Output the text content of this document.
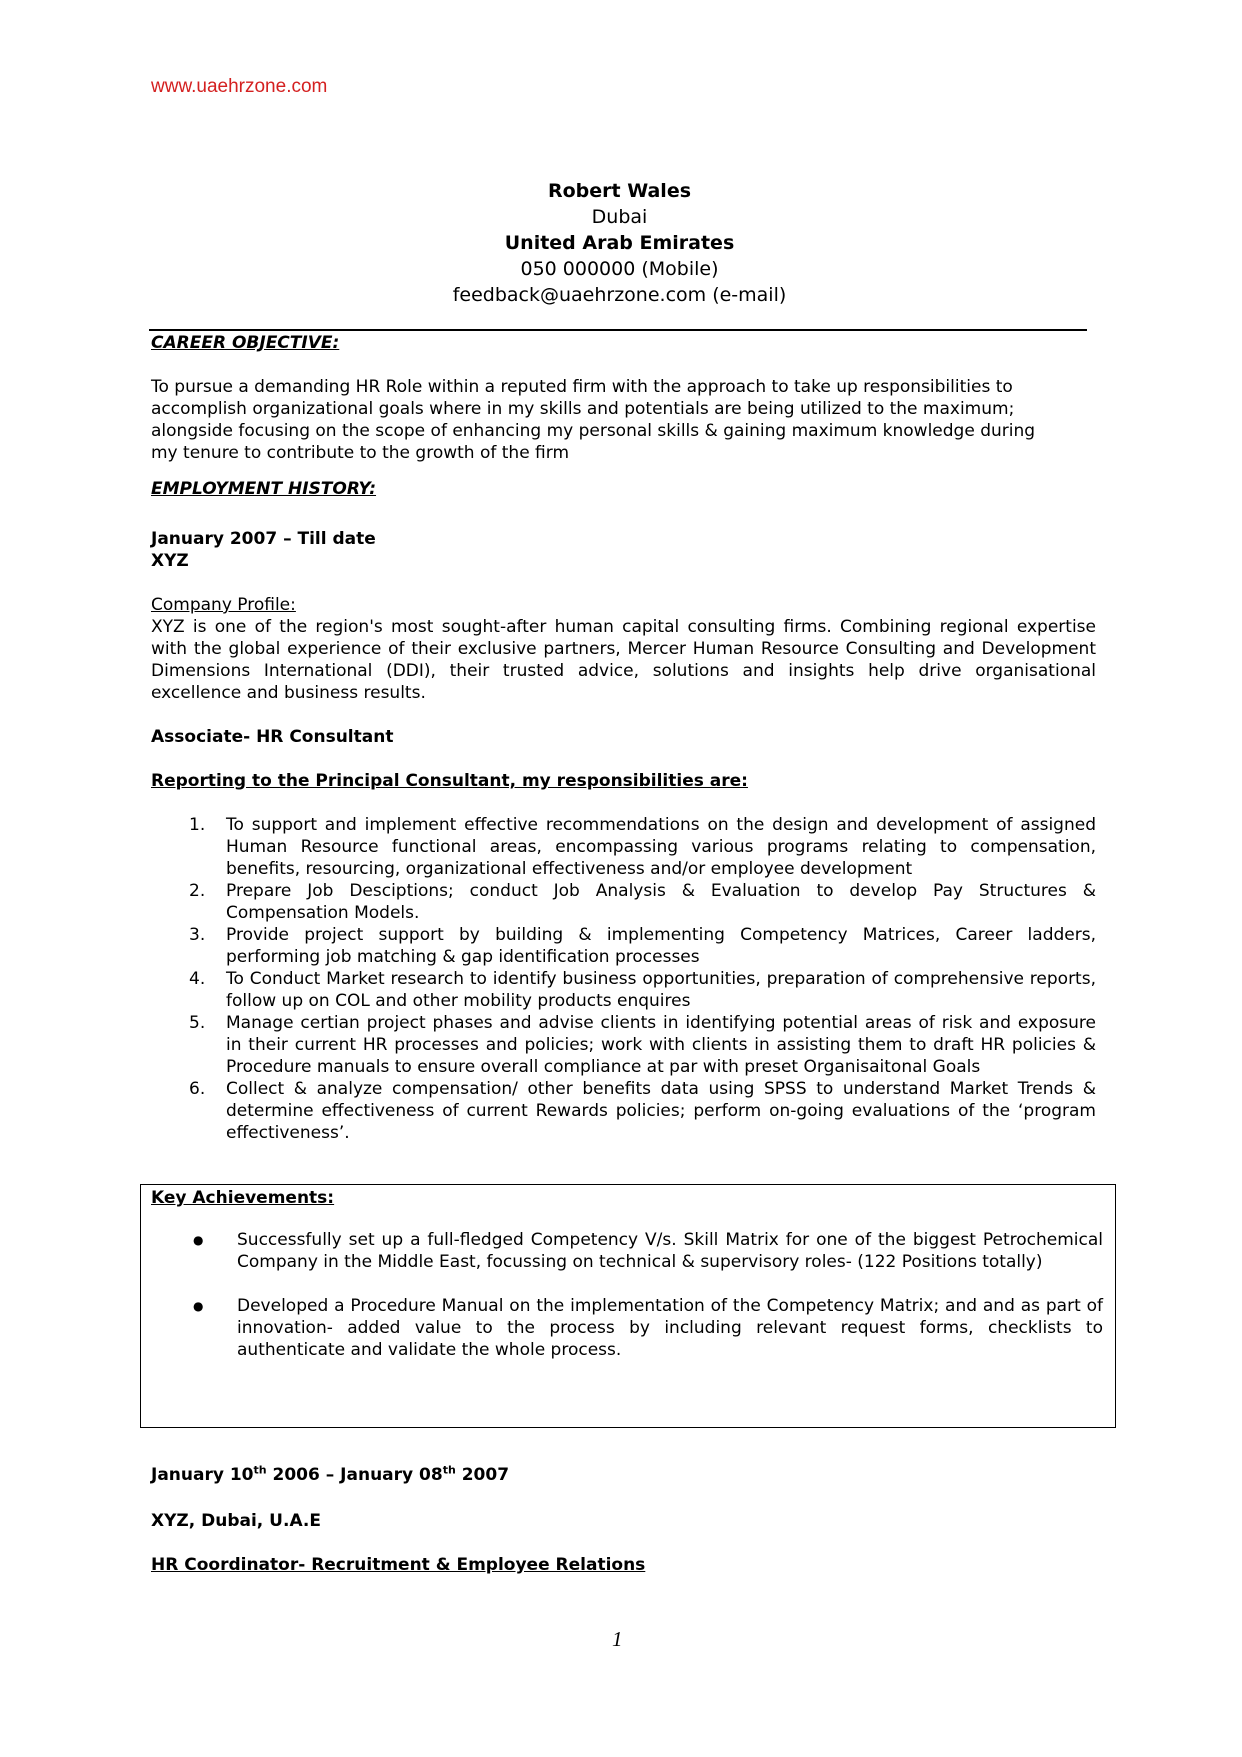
www.uaehrzone.com
Robert Wales
Dubai
United Arab Emirates
050 000000 (Mobile)
feedback@uaehrzone.com (e-mail)
CAREER OBJECTIVE:
To pursue a demanding HR Role within a reputed firm with the approach to take up responsibilities to accomplish organizational goals where in my skills and potentials are being utilized to the maximum; alongside focusing on the scope of enhancing my personal skills & gaining maximum knowledge during my tenure to contribute to the growth of the firm
EMPLOYMENT HISTORY:
January 2007 – Till date
XYZ
Company Profile:
XYZ is one of the region's most sought-after human capital consulting firms. Combining regional expertise with the global experience of their exclusive partners, Mercer Human Resource Consulting and Development Dimensions International (DDI), their trusted advice, solutions and insights help drive organisational excellence and business results.
Associate- HR Consultant
Reporting to the Principal Consultant, my responsibilities are:
1. To support and implement effective recommendations on the design and development of assigned Human Resource functional areas, encompassing various programs relating to compensation, benefits, resourcing, organizational effectiveness and/or employee development
2. Prepare Job Desciptions; conduct Job Analysis & Evaluation to develop Pay Structures & Compensation Models.
3. Provide project support by building & implementing Competency Matrices, Career ladders, performing job matching & gap identification processes
4. To Conduct Market research to identify business opportunities, preparation of comprehensive reports, follow up on COL and other mobility products enquires
5. Manage certian project phases and advise clients in identifying potential areas of risk and exposure in their current HR processes and policies; work with clients in assisting them to draft HR policies & Procedure manuals to ensure overall compliance at par with preset Organisaitonal Goals
6. Collect & analyze compensation/ other benefits data using SPSS to understand Market Trends & determine effectiveness of current Rewards policies; perform on-going evaluations of the ‘program effectiveness’.
Key Achievements:
● Successfully set up a full-fledged Competency V/s. Skill Matrix for one of the biggest Petrochemical Company in the Middle East, focussing on technical & supervisory roles- (122 Positions totally)
● Developed a Procedure Manual on the implementation of the Competency Matrix; and and as part of innovation- added value to the process by including relevant request forms, checklists to authenticate and validate the whole process.
January 10th 2006 – January 08th 2007
XYZ, Dubai, U.A.E
HR Coordinator- Recruitment & Employee Relations
1
